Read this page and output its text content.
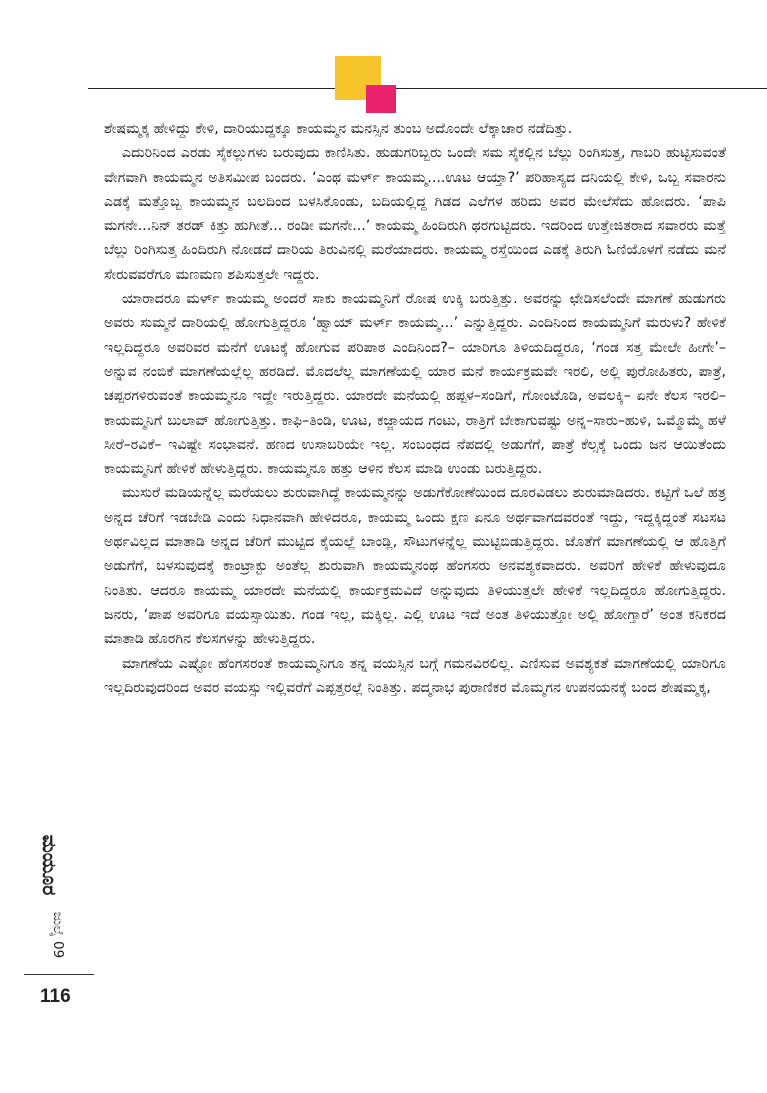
ಶೇಷಮ್ಮಕ್ಕ ಹೇಳಿದ್ದು ಕೇಳಿ, ದಾರಿಯುದ್ದಕ್ಕೂ ಕಾಯಮ್ಮನ ಮನಸ್ಸಿನ ತುಂಬ ಅದೊಂದೇ ಲೆಕ್ಕಾಚಾರ ನಡೆದಿತ್ತು.

ಎದುರಿನಿಂದ ಎರಡು ಸೈಕಲ್ಲುಗಳು ಬರುವುದು ಕಾಣಿಸಿತು. ಹುಡುಗರಿಬ್ಬರು ಒಂದೇ ಸಮ ಸೈಕಲ್ಲಿನ ಬೆಲ್ಲು ರಿಂಗಿಸುತ್ತ, ಗಾಬರಿ ಹುಟ್ಟಿಸುವಂತೆ ವೇಗವಾಗಿ ಕಾಯಮ್ಮನ ಅತಿಸಮೀಪ ಬಂದರು. ‘ಎಂಥ ಮರ್ಳ್ ಕಾಯಮ್ಮ....ಊಟ ಆಯ್ತಾ?’ ಪರಿಹಾಸ್ಯದ ದನಿಯಲ್ಲಿ ಕೇಳಿ, ಒಬ್ಬ ಸವಾರನು ಎಡಕ್ಕೆ ಮತ್ತೊಬ್ಬ ಕಾಯಮ್ಮನ ಬಲದಿಂದ ಬಳಸಿಕೊಂಡು, ಬದಿಯಲ್ಲಿದ್ದ ಗಿಡದ ಎಲೆಗಳ ಹರಿದು ಅವರ ಮೇಲೆಸೆದು ಹೋದರು. ‘ಪಾಪಿ ಮಗನೇ...ನಿನ್ ತರಡ್ ಕಿತ್ತು ಹುಗೀತೆ... ರಂಡೀ ಮಗನೇ...’ ಕಾಯಮ್ಮ ಹಿಂದಿರುಗಿ ಥರಗುಟ್ಟಿದರು. ಇದರಿಂದ ಉತ್ತೇಜಿತರಾದ ಸವಾರರು ಮತ್ತೆ ಬೆಲ್ಲು ರಿಂಗಿಸುತ್ತ ಹಿಂದಿರುಗಿ ನೋಡದೆ ದಾರಿಯ ತಿರುವಿನಲ್ಲಿ ಮರೆಯಾದರು. ಕಾಯಮ್ಮ ರಸ್ತೆಯಿಂದ ಎಡಕ್ಕೆ ತಿರುಗಿ ಓಣಿಯೊಳಗೆ ನಡೆದು ಮನೆ ಸೇರುವವರೆಗೂ ಮಣಮಣ ಶಪಿಸುತ್ತಲೇ ಇದ್ದರು.

ಯಾರಾದರೂ ಮರ್ಳ್ ಕಾಯಮ್ಮ ಅಂದರೆ ಸಾಕು ಕಾಯಮ್ಮನಿಗೆ ರೋಷ ಉಕ್ಕಿ ಬರುತ್ತಿತ್ತು. ಅವರನ್ನು ಛೇಡಿಸಲೆಂದೇ ಮಾಗಣೆ ಹುಡುಗರು ಅವರು ಸುಮ್ಮನೆ ದಾರಿಯಲ್ಲಿ ಹೋಗುತ್ತಿದ್ದರೂ ‘ಹ್ವಾಯ್ ಮರ್ಳ್ ಕಾಯಮ್ಮ...’ ಎನ್ನುತ್ತಿದ್ದರು. ಎಂದಿನಿಂದ ಕಾಯಮ್ಮನಿಗೆ ಮರುಳು? ಹೇಳಿಕೆ ಇಲ್ಲದಿದ್ದರೂ ಅವರಿವರ ಮನೆಗೆ ಊಟಕ್ಕೆ ಹೋಗುವ ಪರಿಪಾಠ ಎಂದಿನಿಂದ?– ಯಾರಿಗೂ ತಿಳಿಯದಿದ್ದರೂ, ‘ಗಂಡ ಸತ್ತ ಮೇಲೇ ಹೀಗೇ’– ಅನ್ನುವ ನಂಬಿಕೆ ಮಾಗಣೆಯಲ್ಲೆಲ್ಲ ಹರಡಿದೆ. ಮೊದಲೆಲ್ಲ ಮಾಗಣೆಯಲ್ಲಿ ಯಾರ ಮನೆ ಕಾರ್ಯಕ್ರಮವೇ ಇರಲಿ, ಅಲ್ಲಿ ಪುರೋಹಿತರು, ಪಾತ್ರೆ, ಚಪ್ಪರಗಳಿರುವಂತೆ ಕಾಯಮ್ಮನೂ ಇದ್ದೇ ಇರುತ್ತಿದ್ದರು. ಯಾರದೇ ಮನೆಯಲ್ಲಿ ಹಪ್ಪಳ–ಸಂಡಿಗೆ, ಗೋಂಟೊಡಿ, ಅವಲಕ್ಕಿ– ಏನೇ ಕೆಲಸ ಇರಲಿ– ಕಾಯಮ್ಮನಿಗೆ ಬುಲಾವ್ ಹೋಗುತ್ತಿತ್ತು. ಕಾಫಿ–ತಿಂಡಿ, ಊಟ, ಕಜ್ಜಾಯದ ಗಂಟು, ರಾತ್ರಿಗೆ ಬೇಕಾಗುವಷ್ಟು ಅನ್ನ–ಸಾರು–ಹುಳಿ, ಒಮ್ಮೊಮ್ಮೆ ಹಳೆ ಸೀರೆ–ರವಿಕೆ– ಇವಿಷ್ಟೇ ಸಂಭಾವನೆ. ಹಣದ ಉಸಾಬರಿಯೇ ಇಲ್ಲ. ಸಂಬಂಧದ ನೆಪದಲ್ಲಿ ಅಡುಗೆಗೆ, ಪಾತ್ರೆ ಕೆಲ್ಸಕ್ಕೆ ಒಂದು ಜನ ಆಯಿತೆಂದು ಕಾಯಮ್ಮನಿಗೆ ಹೇಳಿಕೆ ಹೇಳುತ್ತಿದ್ದರು. ಕಾಯಮ್ಮನೂ ಹತ್ತು ಆಳಿನ ಕೆಲಸ ಮಾಡಿ ಉಂಡು ಬರುತ್ತಿದ್ದರು.

ಮುಸುರೆ ಮಡಿಯನ್ನೆಲ್ಲ ಮರೆಯಲು ಶುರುವಾಗಿದ್ದೆ ಕಾಯಮ್ಮನನ್ನು ಅಡುಗೆಕೋಣೆಯಿಂದ ದೂರವಿಡಲು ಶುರುಮಾಡಿದರು. ಕಟ್ಟಿಗೆ ಒಲೆ ಹತ್ರ ಅನ್ನದ ಚೆರಿಗೆ ಇಡಬೇಡಿ ಎಂದು ನಿಧಾನವಾಗಿ ಹೇಳಿದರೂ, ಕಾಯಮ್ಮ ಒಂದು ಕ್ಷಣ ಏನೂ ಅರ್ಥವಾಗದವರಂತೆ ಇದ್ದು, ಇದ್ದಕ್ಕಿದ್ದಂತೆ ಸಟಸಟ ಅರ್ಥವಿಲ್ಲದ ಮಾತಾಡಿ ಅನ್ನದ ಚೆರಿಗೆ ಮುಟ್ಟಿದ ಕೈಯಲ್ಲೆ ಬಾಂಡ್ಲಿ, ಸೌಟುಗಳನ್ನೆಲ್ಲ ಮುಟ್ಟಿಬಿಡುತ್ತಿದ್ದರು. ಜೊತೆಗೆ ಮಾಗಣೆಯಲ್ಲಿ ಆ ಹೊತ್ತಿಗೆ ಅಡುಗೆಗೆ, ಬಳಸುವುದಕ್ಕೆ ಕಾಂಟ್ರಾಕ್ಟು ಅಂತೆಲ್ಲ ಶುರುವಾಗಿ ಕಾಯಮ್ಮನಂಥ ಹೆಂಗಸರು ಅನವಶ್ಯಕವಾದರು. ಅವರಿಗೆ ಹೇಳಿಕೆ ಹೇಳುವುದೂ ನಿಂತಿತು. ಆದರೂ ಕಾಯಮ್ಮ ಯಾರದೇ ಮನೆಯಲ್ಲಿ ಕಾರ್ಯಕ್ರಮವಿದೆ ಅನ್ನುವುದು ತಿಳಿಯುತ್ತಲೇ ಹೇಳಿಕೆ ಇಲ್ಲದಿದ್ದರೂ ಹೋಗುತ್ತಿದ್ದರು. ಜನರು, ‘ಪಾಪ ಅವರಿಗೂ ವಯಸ್ಸಾಯಿತು. ಗಂಡ ಇಲ್ಲ, ಮಕ್ಕಿಲ್ಲ. ಎಲ್ಲಿ ಊಟ ಇದೆ ಅಂತ ತಿಳಿಯುತ್ತೋ ಅಲ್ಲಿ ಹೋಗ್ತಾರೆ’ ಅಂತ ಕನಿಕರದ ಮಾತಾಡಿ ಹೊರಗಿನ ಕೆಲಸಗಳನ್ನು ಹೇಳುತ್ತಿದ್ದರು.

ಮಾಗಣೆಯ ಎಷ್ಟೋ ಹೆಂಗಸರಂತೆ ಕಾಯಮ್ಮನಿಗೂ ತನ್ನ ವಯಸ್ಸಿನ ಬಗ್ಗೆ ಗಮನವಿರಲಿಲ್ಲ. ಎಣಿಸುವ ಅವಶ್ಯಕತೆ ಮಾಗಣೆಯಲ್ಲಿ ಯಾರಿಗೂ ಇಲ್ಲದಿರುವುದರಿಂದ ಅವರ ವಯಸ್ಸು ಇಲ್ಲಿವರೆಗೆ ಎಪ್ಪತ್ತರಲ್ಲೆ ನಿಂತಿತ್ತು. ಪದ್ಮನಾಭ ಪುರಾಣಿಕರ ಮೊಮ್ಮಗನ ಉಪನಯನಕ್ಕೆ ಬಂದ ಶೇಷಮ್ಮಕ್ಕ,

ಮಯೂರ
ಜುಲೈ 09
116
